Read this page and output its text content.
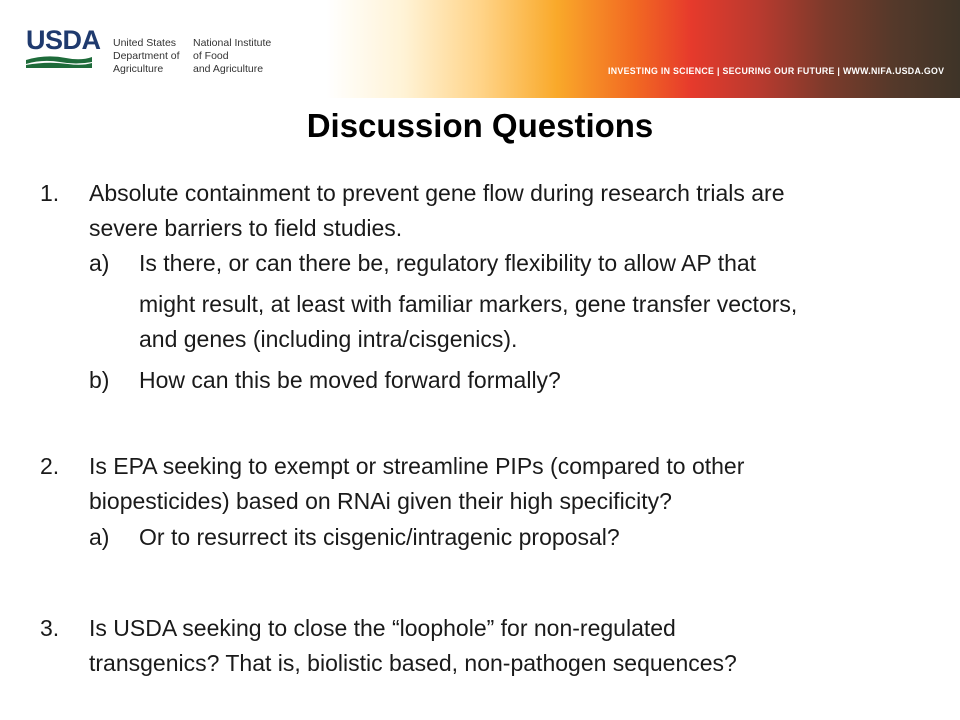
USDA United States
Department of
Agriculture
National Institute
of Food
and Agriculture	INVESTING IN SCIENCE | SECURING OUR FUTURE | WWW.NIFA.USDA.GOV
Discussion Questions
1. Absolute containment to prevent gene flow during research trials are
severe barriers to field studies.
a) Is there, or can there be, regulatory flexibility to allow AP that
might result, at least with familiar markers, gene transfer vectors,
and genes (including intra/cisgenics).
b) How can this be moved forward formally?
2. Is EPA seeking to exempt or streamline PIPs (compared to other
biopesticides) based on RNAi given their high specificity?
a) Or to resurrect its cisgenic/intragenic proposal?
3. Is USDA seeking to close the “loophole” for non-regulated
transgenics? That is, biolistic based, non-pathogen sequences?
